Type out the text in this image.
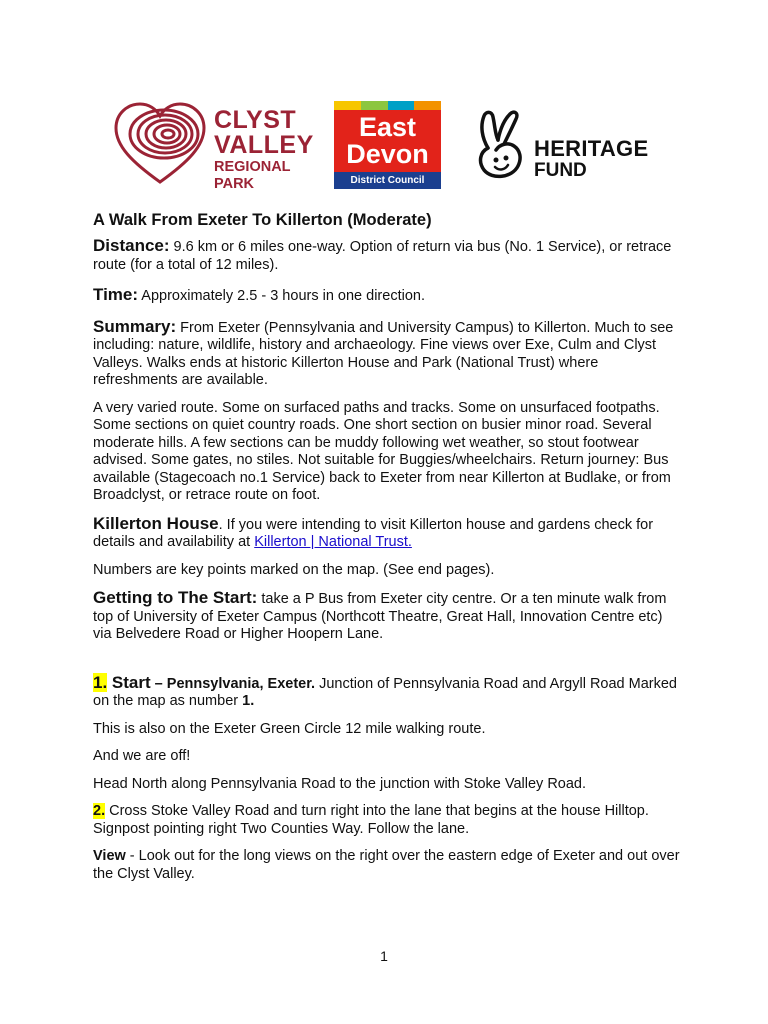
CLYST
VALLEY
REGIONAL
PARK
East
Devon
District Council
HERITAGE
FUND

A Walk From Exeter To Killerton (Moderate)

Distance: 9.6 km or 6 miles one-way. Option of return via bus (No. 1 Service), or retrace route (for a total of 12 miles).

Time: Approximately 2.5 - 3 hours in one direction.

Summary: From Exeter (Pennsylvania and University Campus) to Killerton. Much to see including: nature, wildlife, history and archaeology. Fine views over Exe, Culm and Clyst Valleys. Walks ends at historic Killerton House and Park (National Trust) where refreshments are available.

A very varied route. Some on surfaced paths and tracks. Some on unsurfaced footpaths. Some sections on quiet country roads. One short section on busier minor road. Several moderate hills. A few sections can be muddy following wet weather, so stout footwear advised. Some gates, no stiles. Not suitable for Buggies/wheelchairs. Return journey: Bus available (Stagecoach no.1 Service) back to Exeter from near Killerton at Budlake, or from Broadclyst, or retrace route on foot.

Killerton House. If you were intending to visit Killerton house and gardens check for details and availability at Killerton | National Trust.

Numbers are key points marked on the map. (See end pages).

Getting to The Start: take a P Bus from Exeter city centre. Or a ten minute walk from top of University of Exeter Campus (Northcott Theatre, Great Hall, Innovation Centre etc) via Belvedere Road or Higher Hoopern Lane.

1. Start – Pennsylvania, Exeter. Junction of Pennsylvania Road and Argyll Road Marked on the map as number 1.

This is also on the Exeter Green Circle 12 mile walking route.

And we are off!

Head North along Pennsylvania Road to the junction with Stoke Valley Road.

2. Cross Stoke Valley Road and turn right into the lane that begins at the house Hilltop. Signpost pointing right Two Counties Way. Follow the lane.

View - Look out for the long views on the right over the eastern edge of Exeter and out over the Clyst Valley.

1
